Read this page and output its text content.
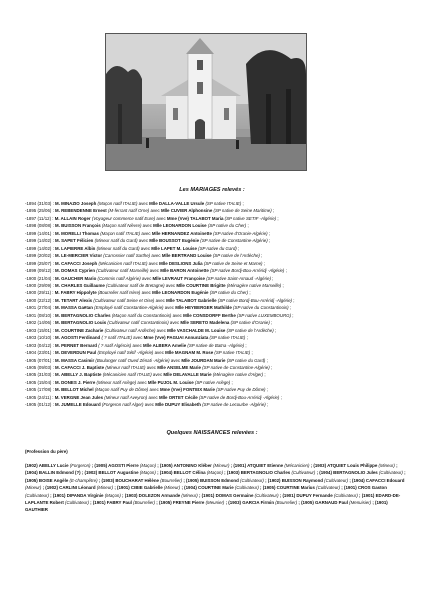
Les MARIAGES relevés :
-1894 (31/03) : M. MINAZIO Joseph (Maçon natif ITALIE) avec Mlle DALLA-VALLE Ursule (SP native ITALIE) ;
-1895 (25/06) : M. REBENDENNE Ernest (M-ferrant natif Orne) avec Mlle CUVIER Alphonsine (SP native de Seine Maritime) ;
-1897 (11/12) : M. ALLAIN Roger (Voyageur commerce natif Eure) avec Mme (Vve) TALABOT Maria (SP native SETIF -Algérie) ;
-1898 (08/08) : M. BUISSON François (Maçon natif Nièvre) avec Mlle LEONARDON Louise (SP native du Cher) ;
-1899 (14/01) : M. MORELLI Thomas (Maçon natif ITALIE) avec Mlle HERNANDEZ Antoinette (SP native d'Oranie-Algérie) ;
-1899 (14/02) : M. SAPET Félicien (Mineur natif du Gard) avec Mlle BOUSSOT Eugénie (SP native de Constantine-Algérie) ;
-1899 (14/02) : M. LAPIERRE Albin (Mineur natif du Gard) avec Mlle LAPET M. Louise (SP native du Gard) ;
-1899 (20/02) : M. LE-MERCIER Victor (Carrossier natif Sarthe) avec Mlle BERTRAND Louise (SP native de l'Ardèche) ;
-1899 (25/07) : M. CAFACCI Joseph (Mécanicien natif ITALIE) avec Mlle DESLIONS Julia (SP native de Seine et Marne) ;
-1899 (09/12) : M. DOMAS Cyprien (Cultivateur natif Marseille) avec Mlle BARON Antoinette (SP native Bordj-Bou-Arréridj -Algérie) ;
-1900 (21/04) : M. GAUCHER Mario (Commis natif Algérie) avec Mlle LEVRAUT Françoise (SP native Saint-Arnaud -Algérie) ;
-1900 (29/09) : M. CHARLES Guillaume (Cultivateur natif de Bretagne) avec Mlle COURTINE Brigitte (Ménagère native Marseille) ;
-1900 (29/11) : M. FABRY Hippolyte (Bourrelier natif Isère) avec Mlle LEONARDON Eugénie (SP native du Cher) ;
-1900 (22/12) : M. TETART Alexis (Cultivateur natif Seine et Oise) avec Mlle TALABOT Gabrielle (SP native Bordj-Bou-Arréridj -Algérie) ;
-1901 (27/04) : M. MASSA Gaëtan (Employé natif Constantine-Algérie) avec Mlle HEYBERGER Mathilde (SP native du Constantinois) ;
-1901 (08/10) : M. BERTAGNOLIO Charles (Maçon natif du Constantinois) avec Mlle CONSDORFF Berthe (SP native LUXEMBOURG) ;
-1902 (14/06) : M. BERTAGNOLIO Louis (Cultivateur natif Constantinois) avec Mlle SERETO Madelena (SP native d'Oranie) ;
-1903 (15/01) : M. COURTINE Zacharie (Cultivateur natif Ardèche) avec Mlle VASCHALDE M. Louise (SP native de l'Ardèche) ;
-1903 (10/10) : M. AGOSTI Ferdinand ( ? natif ITALIE) avec Mme (Vve) PAGUAI Annunziata (SP native ITALIE) ;
-1903 (04/12) : M. PERNET Bernard ( ? natif Algérois) avec Mlle ALBERA Amelie (SP native de Batna -Algérie) ;
-1904 (23/01) : M. DEVERDUN Paul (Employé natif Sétif -Algérie) avec Mlle MAGNAM M. Rose (SP native ITALIE) ;
-1905 (07/01) : M. MASSA Casimir (Boulanger natif Oued Zénati -Algérie) avec Mlle JOURDAN Marie (SP native du Gard) ;
-1905 (09/03) : M. CAFACCI J. Baptiste (Mineur natif ITALIE) avec Mlle ANSELME Marie (SP native de Constantine-Algérie) ;
-1905 (31/03) : M. ABELLY J. Baptiste (Mécanicien natif ITALIE) avec Mlle DELAVALLE Marie (Ménagère native d'Alger) ;
-1905 (15/04) : M. DONES J. Pierre (Mineur natif Ariège) avec Mlle PUJOL M. Louise (SP native Ariège) ;
-1905 (17/08) : M. BELLOT Michel (Maçon natif Puy de Dôme) avec Mme (Vve) FONTEIX Marie (SP native Puy de Dôme) ;
-1905 (24/11) : M. VERGNE Jean Jules (Mineur natif Aveyron) avec Mlle ORTET Cécile (SP native de Bordj-Bou-Arréridj -Algérie) ;
-1905 (01/12) : M. JUMELLE Edouard (Forgeron natif Alger) avec Mlle DUPUY Elisabeth (SP native de Lecourbe -Algérie) ;
Quelques NAISSANCES relevées :
(Profession du père)
(1902) ABELLY Lucie (Forgeron) ; (1905) AGOSTI Pierre (Maçon) ; (1905) ANTONINO Kléber (Mineur) ; (1901) ATQUIET Etienne (Mécanicien) ; (1903) ATQUIET Louis Philippe (Mineur) ; (1904) BALLIN Edmond (?) ; (1902) BELLOT Augustine (Maçon) ; (1904) BELLOT Célina (Maçon) ; (1903) BERTAGNOLIO Charles (Cultivateur) ; (1904) BERTAGNOLIO Jules (Cultivateur) ; (1905) BOISE Angèle (E-champêtre) ; (1903) BOUCHARAT Hélène (Bourrelier) ; (1905) BUISSON Edmond (Cultivateur) ; (1902) BUISSON Raymond (Cultivateur) ; (1904) CAFACCI Edouard (Mineur) ; (1902) CARLINI Léonard (Mineur) ; (1901) CIBIE Gabrielle (Mineur) ; (1904) COURTINE Marie (Cultivateur) ; (1905) COURTINE Marius (Cultivateur) ; (1901) CROS Gaston (Cultivateur) ; (1901) DIPANDA Virginie (Maçon) ; (1903) DOLEZON Armande (Mineur) ; (1901) DOMAS Germaine (Cultivateur) ; (1901) DUPUY Fernande (Cultivateur) ; (1901) EDARD-DE-LAPLANTE Robert (Cultivateur) ; (1901) FABRY Paul (Bourrelier) ; (1905) FREYNE Pierre (Meunier) ; (1903) GARCIA Firmin (Bourrelier) ; (1905) GARNAUD Paul (Menuisier) ; (1901) GAUTHIER
